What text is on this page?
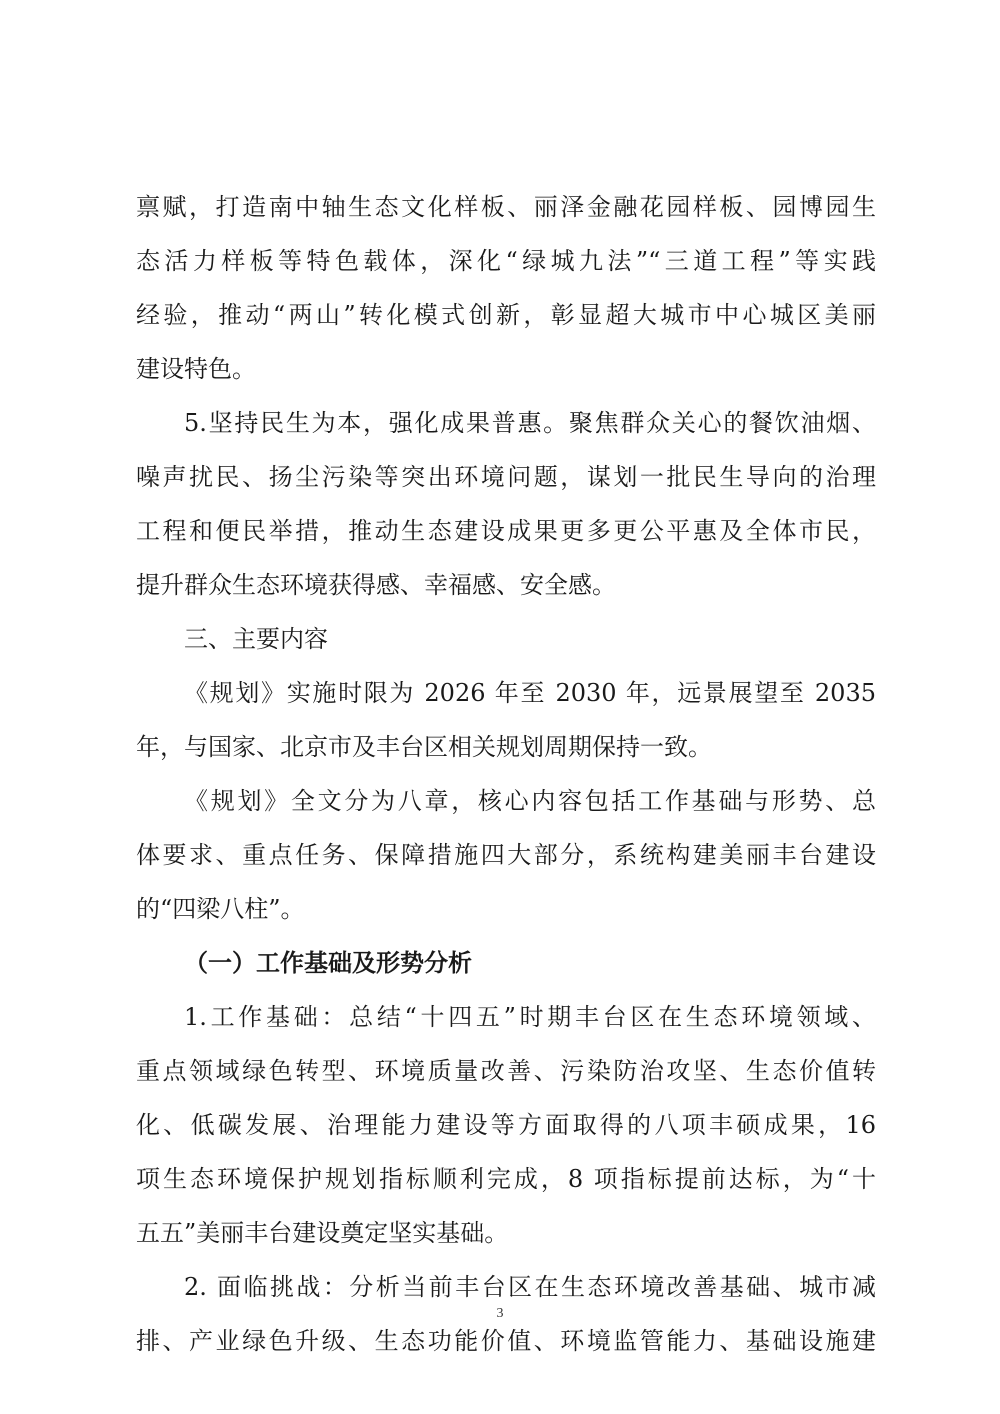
禀赋，打造南中轴生态文化样板、丽泽金融花园样板、园博园生
态活力样板等特色载体，深化“绿城九法”“三道工程”等实践
经验，推动“两山”转化模式创新，彰显超大城市中心城区美丽
建设特色。
5.坚持民生为本，强化成果普惠。聚焦群众关心的餐饮油烟、
噪声扰民、扬尘污染等突出环境问题，谋划一批民生导向的治理
工程和便民举措，推动生态建设成果更多更公平惠及全体市民，
提升群众生态环境获得感、幸福感、安全感。
三、主要内容
《规划》实施时限为 2026 年至 2030 年，远景展望至 2035
年，与国家、北京市及丰台区相关规划周期保持一致。
《规划》全文分为八章，核心内容包括工作基础与形势、总
体要求、重点任务、保障措施四大部分，系统构建美丽丰台建设
的“四梁八柱”。
（一）工作基础及形势分析
1.工作基础：总结“十四五”时期丰台区在生态环境领域、
重点领域绿色转型、环境质量改善、污染防治攻坚、生态价值转
化、低碳发展、治理能力建设等方面取得的八项丰硕成果，16
项生态环境保护规划指标顺利完成，8 项指标提前达标，为“十
五五”美丽丰台建设奠定坚实基础。
2. 面临挑战：分析当前丰台区在生态环境改善基础、城市减
排、产业绿色升级、生态功能价值、环境监管能力、基础设施建
3
